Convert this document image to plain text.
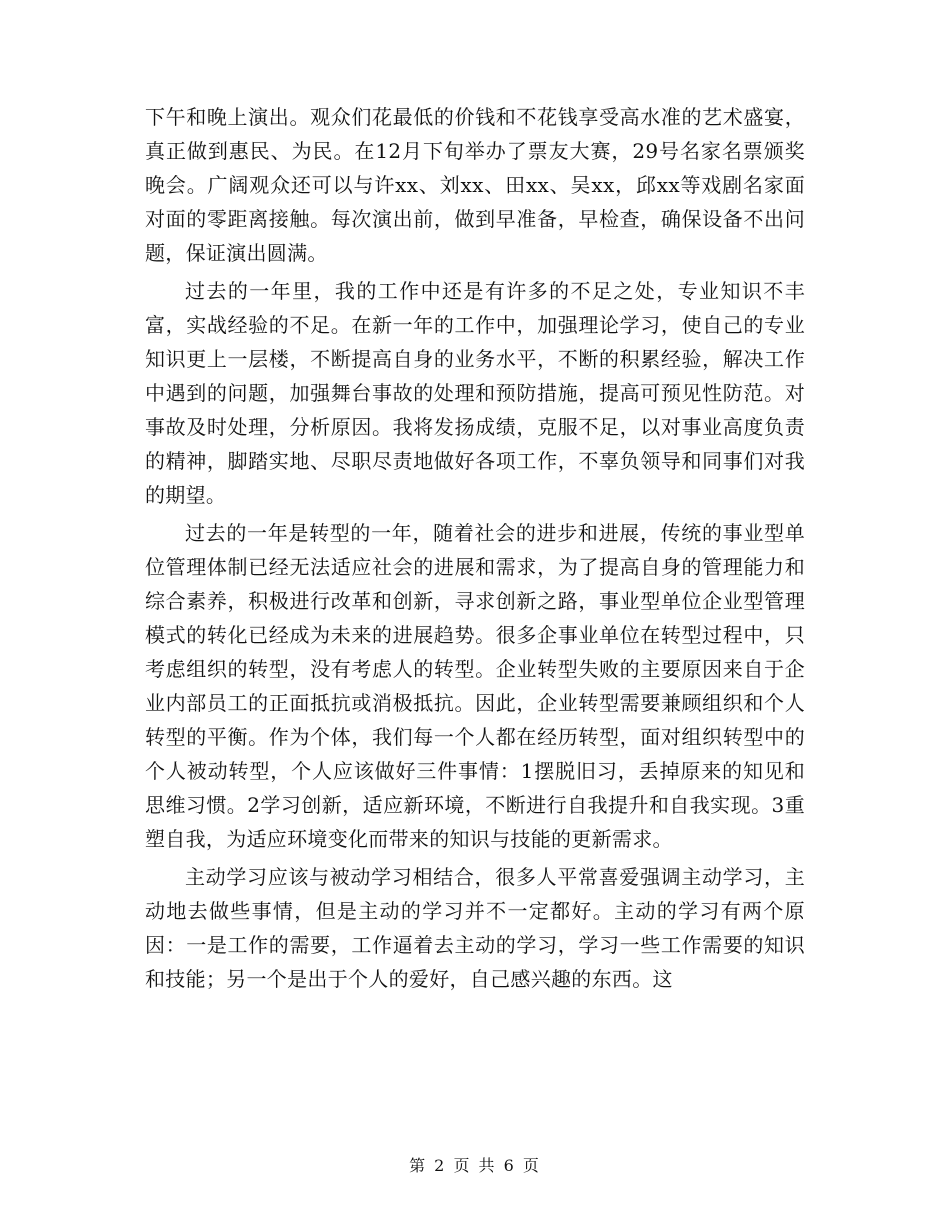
下午和晚上演出。观众们花最低的价钱和不花钱享受高水准的艺术盛宴，真正做到惠民、为民。在12月下旬举办了票友大赛，29号名家名票颁奖晚会。广阔观众还可以与许xx、刘xx、田xx、吴xx，邱xx等戏剧名家面对面的零距离接触。每次演出前，做到早准备，早检查，确保设备不出问题，保证演出圆满。

过去的一年里，我的工作中还是有许多的不足之处，专业知识不丰富，实战经验的不足。在新一年的工作中，加强理论学习，使自己的专业知识更上一层楼，不断提高自身的业务水平，不断的积累经验，解决工作中遇到的问题，加强舞台事故的处理和预防措施，提高可预见性防范。对事故及时处理，分析原因。我将发扬成绩，克服不足，以对事业高度负责的精神，脚踏实地、尽职尽责地做好各项工作，不辜负领导和同事们对我的期望。

过去的一年是转型的一年，随着社会的进步和进展，传统的事业型单位管理体制已经无法适应社会的进展和需求，为了提高自身的管理能力和综合素养，积极进行改革和创新，寻求创新之路，事业型单位企业型管理模式的转化已经成为未来的进展趋势。很多企事业单位在转型过程中，只考虑组织的转型，没有考虑人的转型。企业转型失败的主要原因来自于企业内部员工的正面抵抗或消极抵抗。因此，企业转型需要兼顾组织和个人转型的平衡。作为个体，我们每一个人都在经历转型，面对组织转型中的个人被动转型，个人应该做好三件事情：1摆脱旧习，丢掉原来的知见和思维习惯。2学习创新，适应新环境，不断进行自我提升和自我实现。3重塑自我，为适应环境变化而带来的知识与技能的更新需求。

主动学习应该与被动学习相结合，很多人平常喜爱强调主动学习，主动地去做些事情，但是主动的学习并不一定都好。主动的学习有两个原因：一是工作的需要，工作逼着去主动的学习，学习一些工作需要的知识和技能；另一个是出于个人的爱好，自己感兴趣的东西。这

第 2 页 共 6 页
